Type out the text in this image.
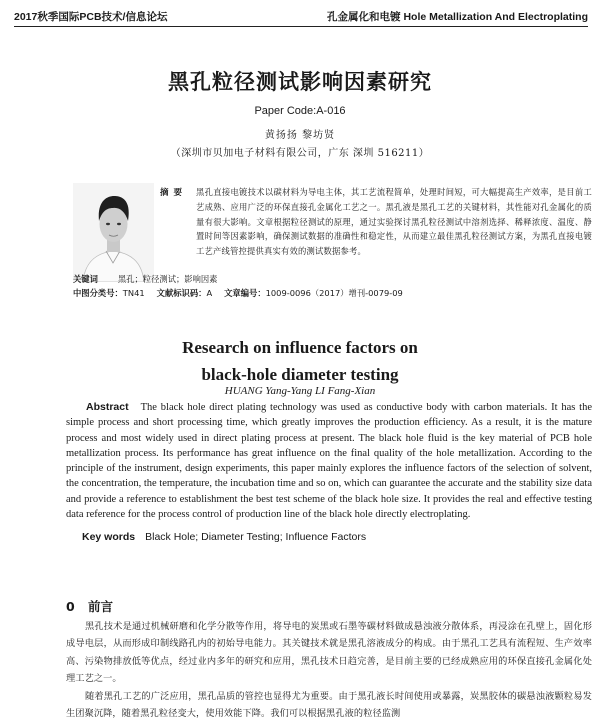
2017秋季国际PCB技术/信息论坛	孔金属化和电镀 Hole Metallization And Electroplating
黑孔粒径测试影响因素研究
Paper Code:A-016
黄扬扬 黎坊贤
（深圳市贝加电子材料有限公司，广东 深圳 516211）
摘要 黑孔直接电镀技术以碳材料为导电主体，其工艺流程简单，处理时间短，可大幅提高生产效率，是目前工艺成熟、应用广泛的环保直接孔金属化工艺之一。黑孔液是黑孔工艺的关键材料，其性能对孔金属化的质量有很大影响。文章根据粒径测试的原理，通过实验探讨黑孔粒径测试中溶剂选择、稀释浓度、温度、静置时间等因素影响，确保测试数据的准确性和稳定性，从而建立最佳黑孔粒径测试方案，为黑孔直接电镀工艺产线管控提供真实有效的测试数据参考。
关键词 黑孔；粒径测试；影响因素
中图分类号：TN41 文献标识码：A 文章编号：1009-0096（2017）增刊-0079-09
Research on influence factors on
black-hole diameter testing
HUANG Yang-Yang LI Fang-Xian
Abstract The black hole direct plating technology was used as conductive body with carbon materials. It has the simple process and short processing time, which greatly improves the production efficiency. As a result, it is the mature process and most widely used in direct plating process at present. The black hole fluid is the key material of PCB hole metallization process. Its performance has great influence on the final quality of the hole metallization. According to the principle of the instrument, design experiments, this paper mainly explores the influence factors of the selection of solvent, the concentration, the temperature, the incubation time and so on, which can guarantee the accurate and the stability size data and provide a reference to establishment the best test scheme of the black hole size. It provides the real and effective testing data reference for the process control of production line of the black hole directly electroplating.
Key words Black Hole; Diameter Testing; Influence Factors
0 前言

黑孔技术是通过机械研磨和化学分散等作用，将导电的炭黑或石墨等碳材料做成悬浊液分散体系，再浸涂在孔壁上，固化形成导电层，从而形成印制线路孔内的初始导电能力。其关键技术就是黑孔溶液成分的构成。由于黑孔工艺具有流程短、生产效率高、污染物排放低等优点，经过业内多年的研究和应用，黑孔技术日趋完善，是目前主要的已经成熟应用的环保直接孔金属化处理工艺之一。

随着黑孔工艺的广泛应用，黑孔品质的管控也显得尤为重要。由于黑孔液长时间使用或暴露，炭黑胶体的碳悬浊液颗粒易发生团聚沉降，随着黑孔粒径变大，使用效能下降。我们可以根据黑孔液的粒径监测
